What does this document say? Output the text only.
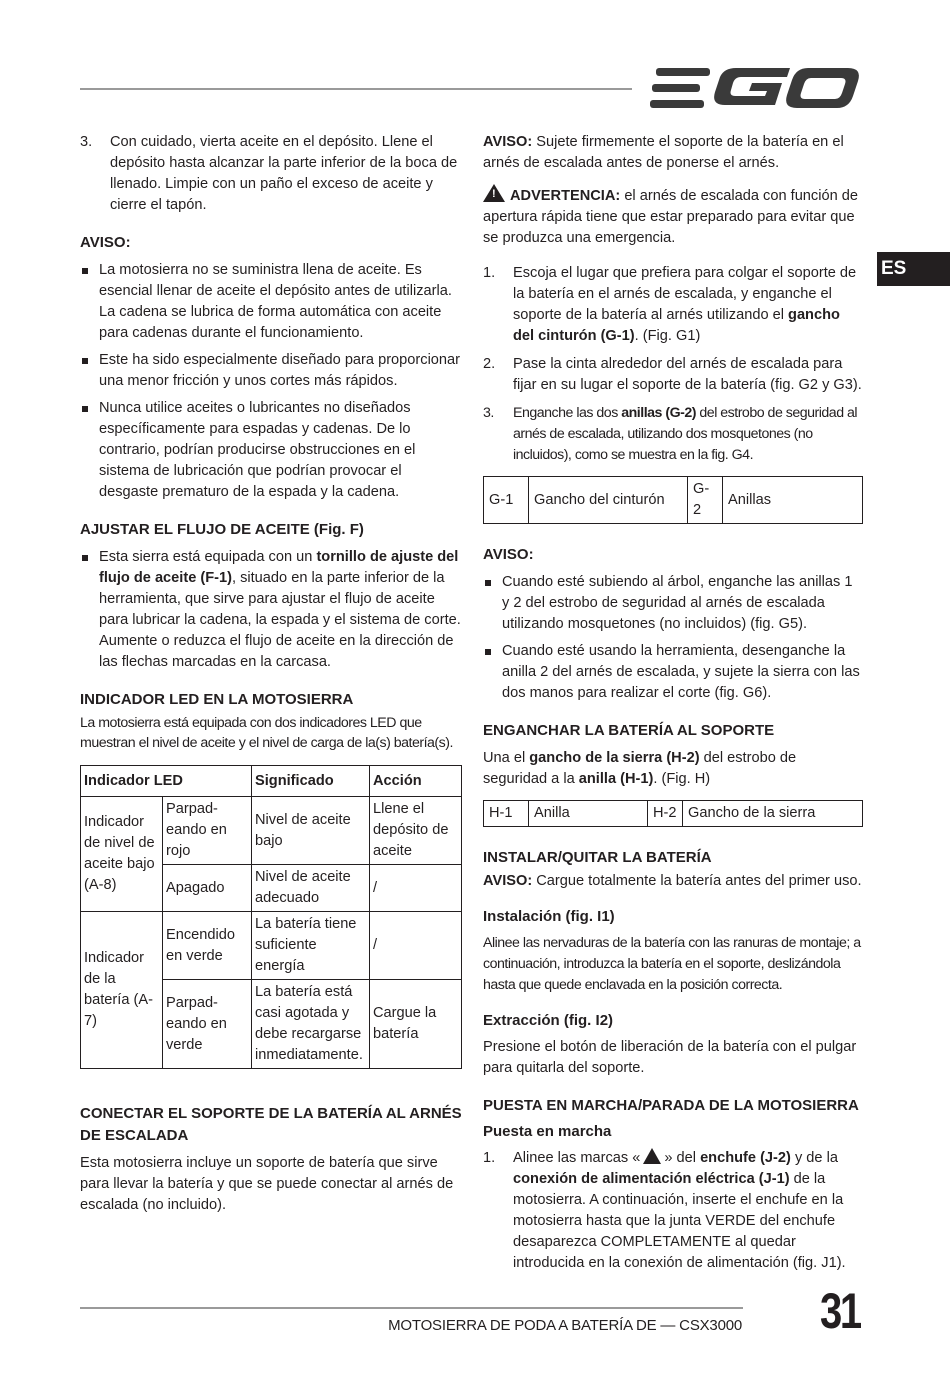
ES
3. Con cuidado, vierta aceite en el depósito. Llene el depósito hasta alcanzar la parte inferior de la boca de llenado. Limpie con un paño el exceso de aceite y cierre el tapón.
AVISO:
La motosierra no se suministra llena de aceite. Es esencial llenar de aceite el depósito antes de utilizarla. La cadena se lubrica de forma automática con aceite para cadenas durante el funcionamiento.
Este ha sido especialmente diseñado para proporcionar una menor fricción y unos cortes más rápidos.
Nunca utilice aceites o lubricantes no diseñados específicamente para espadas y cadenas. De lo contrario, podrían producirse obstrucciones en el sistema de lubricación que podrían provocar el desgaste prematuro de la espada y la cadena.
AJUSTAR EL FLUJO DE ACEITE (Fig. F)
Esta sierra está equipada con un tornillo de ajuste del flujo de aceite (F-1), situado en la parte inferior de la herramienta, que sirve para ajustar el flujo de aceite para lubricar la cadena, la espada y el sistema de corte. Aumente o reduzca el flujo de aceite en la dirección de las flechas marcadas en la carcasa.
INDICADOR LED EN LA MOTOSIERRA

La motosierra está equipada con dos indicadores LED que muestran el nivel de aceite y el nivel de carga de la(s) batería(s).

Indicador LED		Significado	Acción
Indicador de nivel de aceite bajo (A-8)	Parpad-eando en rojo	Nivel de aceite bajo	Llene el depósito de aceite
	Apagado	Nivel de aceite adecuado	/
Indicador de la batería (A-7)	Encendido en verde	La batería tiene suficiente energía	/
	Parpad-eando en verde	La batería está casi agotada y debe recargarse inmediatamente.	Cargue la batería
CONECTAR EL SOPORTE DE LA BATERÍA AL ARNÉS DE ESCALADA

Esta motosierra incluye un soporte de batería que sirve para llevar la batería y que se puede conectar al arnés de escalada (no incluido).

AVISO: Sujete firmemente el soporte de la batería en el arnés de escalada antes de ponerse el arnés.

! ADVERTENCIA: el arnés de escalada con función de apertura rápida tiene que estar preparado para evitar que se produzca una emergencia.

1. Escoja el lugar que prefiera para colgar el soporte de la batería en el arnés de escalada, y enganche el soporte de la batería al arnés utilizando el gancho del cinturón (G-1). (Fig. G1)
2. Pase la cinta alrededor del arnés de escalada para fijar en su lugar el soporte de la batería (fig. G2 y G3).
3. Enganche las dos anillas (G-2) del estrobo de seguridad al arnés de escalada, utilizando dos mosquetones (no incluidos), como se muestra en la fig. G4.
G-1	Gancho del cinturón	G-2	Anillas
AVISO:
Cuando esté subiendo al árbol, enganche las anillas 1 y 2 del estrobo de seguridad al arnés de escalada utilizando mosquetones (no incluidos) (fig. G5).
Cuando esté usando la herramienta, desenganche la anilla 2 del arnés de escalada, y sujete la sierra con las dos manos para realizar el corte (fig. G6).
ENGANCHAR LA BATERÍA AL SOPORTE

Una el gancho de la sierra (H-2) del estrobo de seguridad a la anilla (H-1). (Fig. H)

H-1	Anilla	H-2	Gancho de la sierra
INSTALAR/QUITAR LA BATERÍA

AVISO: Cargue totalmente la batería antes del primer uso.

Instalación (fig. I1)

Alinee las nervaduras de la batería con las ranuras de montaje; a continuación, introduzca la batería en el soporte, deslizándola hasta que quede enclavada en la posición correcta.

Extracción (fig. I2)

Presione el botón de liberación de la batería con el pulgar para quitarla del soporte.

PUESTA EN MARCHA/PARADA DE LA MOTOSIERRA
Puesta en marcha
1. Alinee las marcas « » del enchufe (J-2) y de la conexión de alimentación eléctrica (J-1) de la motosierra. A continuación, inserte el enchufe en la motosierra hasta que la junta VERDE del enchufe desaparezca COMPLETAMENTE al quedar introducida en la conexión de alimentación (fig. J1).
MOTOSIERRA DE PODA A BATERÍA DE — CSX3000 31
